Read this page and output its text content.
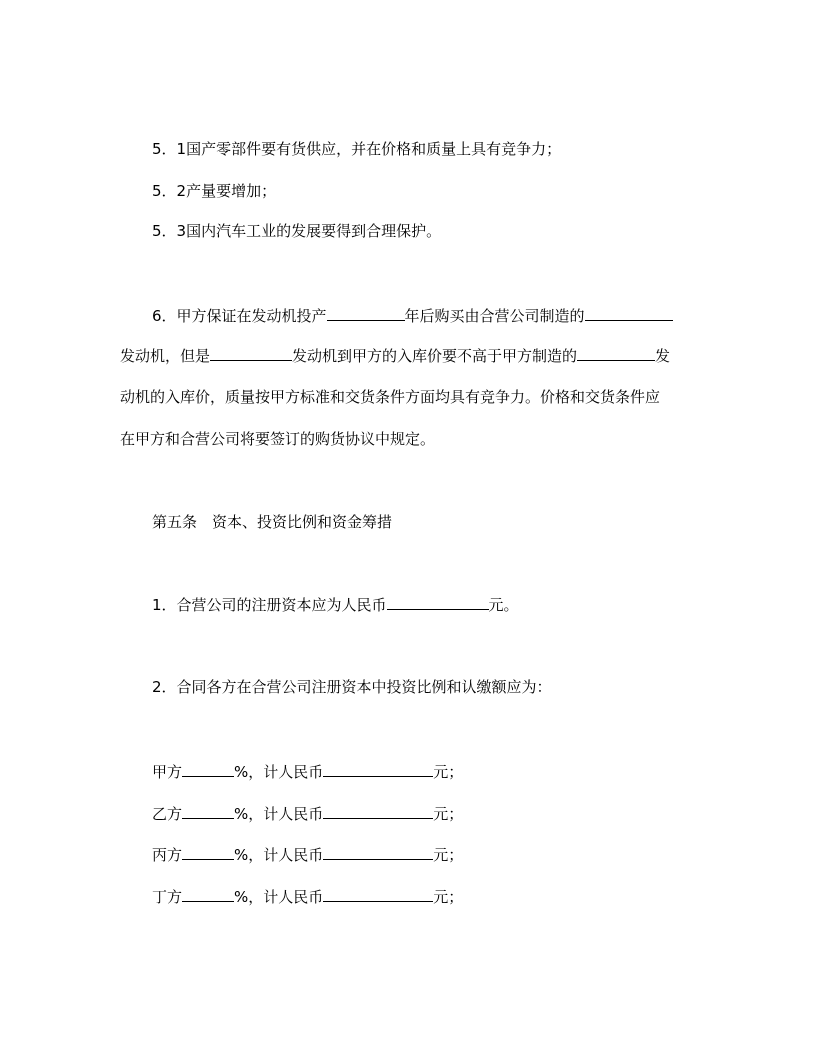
5．1国产零部件要有货供应，并在价格和质量上具有竞争力；
5．2产量要增加；
5．3国内汽车工业的发展要得到合理保护。
6．甲方保证在发动机投产	年后购买由合营公司制造的
发动机，但是	发动机到甲方的入库价要不高于甲方制造的	发
动机的入库价，质量按甲方标准和交货条件方面均具有竞争力。价格和交货条件应
在甲方和合营公司将要签订的购货协议中规定。
第五条　资本、投资比例和资金筹措
1．合营公司的注册资本应为人民币	元。
2．合同各方在合营公司注册资本中投资比例和认缴额应为：
甲方	%，计人民币	元；
乙方	%，计人民币	元；
丙方	%，计人民币	元；
丁方	%，计人民币	元；
